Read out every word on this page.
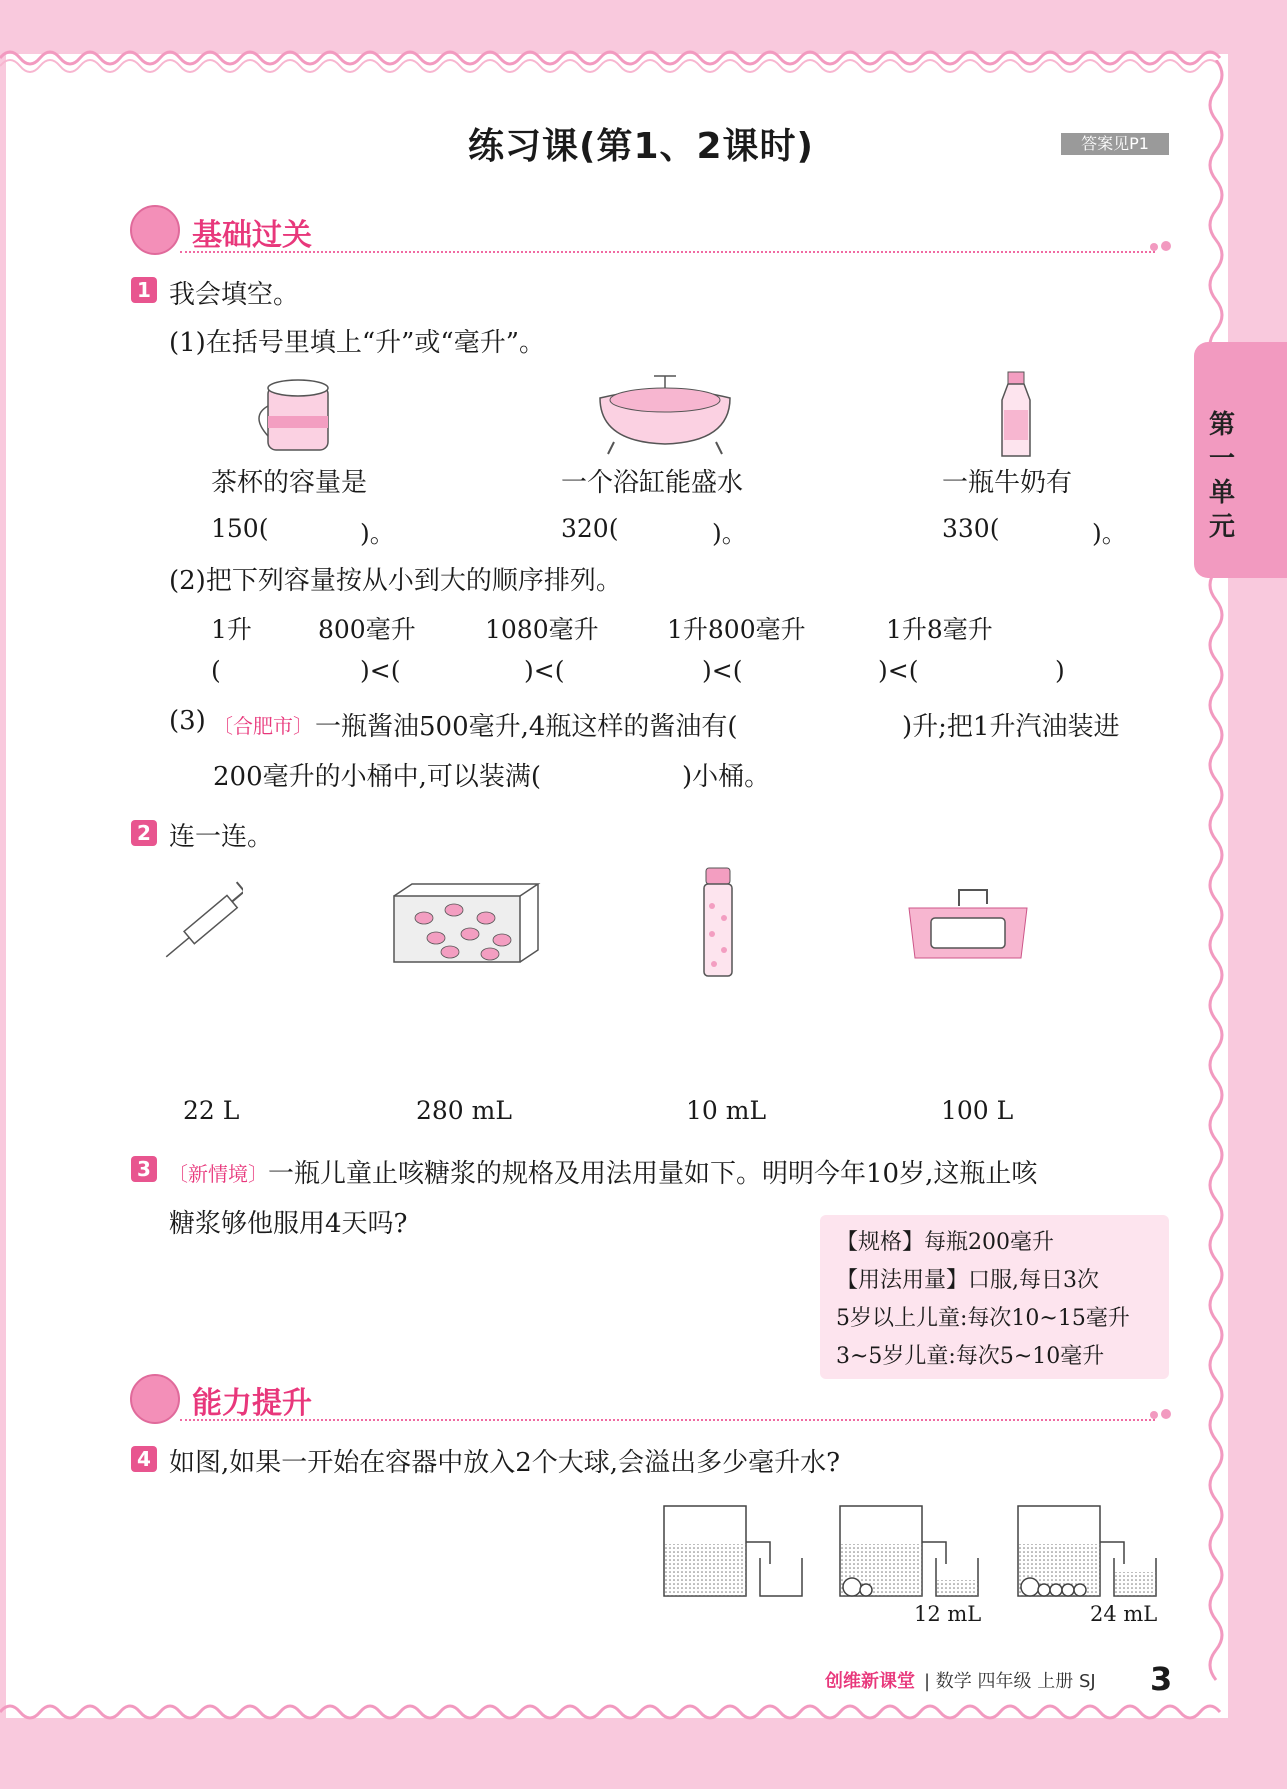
第
一
单
元
练习课(第1、2课时)	答案见P1
基础过关
1 我会填空。
(1)在括号里填上“升”或“毫升”。
茶杯的容量是	一个浴缸能盛水	一瓶牛奶有
150(	)。	320(	)。	330(	)。
(2)把下列容量按从小到大的顺序排列。
1升	800毫升	1080毫升	1升800毫升	1升8毫升
(	)<(	)<(	)<(	)<(	)
(3) 〔合肥市〕 一瓶酱油500毫升,4瓶这样的酱油有(	)升;把1升汽油装进
200毫升的小桶中,可以装满(	)小桶。
2 连一连。
22 L	280 mL	10 mL	100 L
3 〔新情境〕 一瓶儿童止咳糖浆的规格及用法用量如下。明明今年10岁,这瓶止咳
糖浆够他服用4天吗?
【规格】每瓶200毫升
【用法用量】口服,每日3次
5岁以上儿童:每次10~15毫升
3~5岁儿童:每次5~10毫升
能力提升
4 如图,如果一开始在容器中放入2个大球,会溢出多少毫升水?
12 mL	24 mL
创维新课堂 | 数学 四年级 上册 SJ 3
